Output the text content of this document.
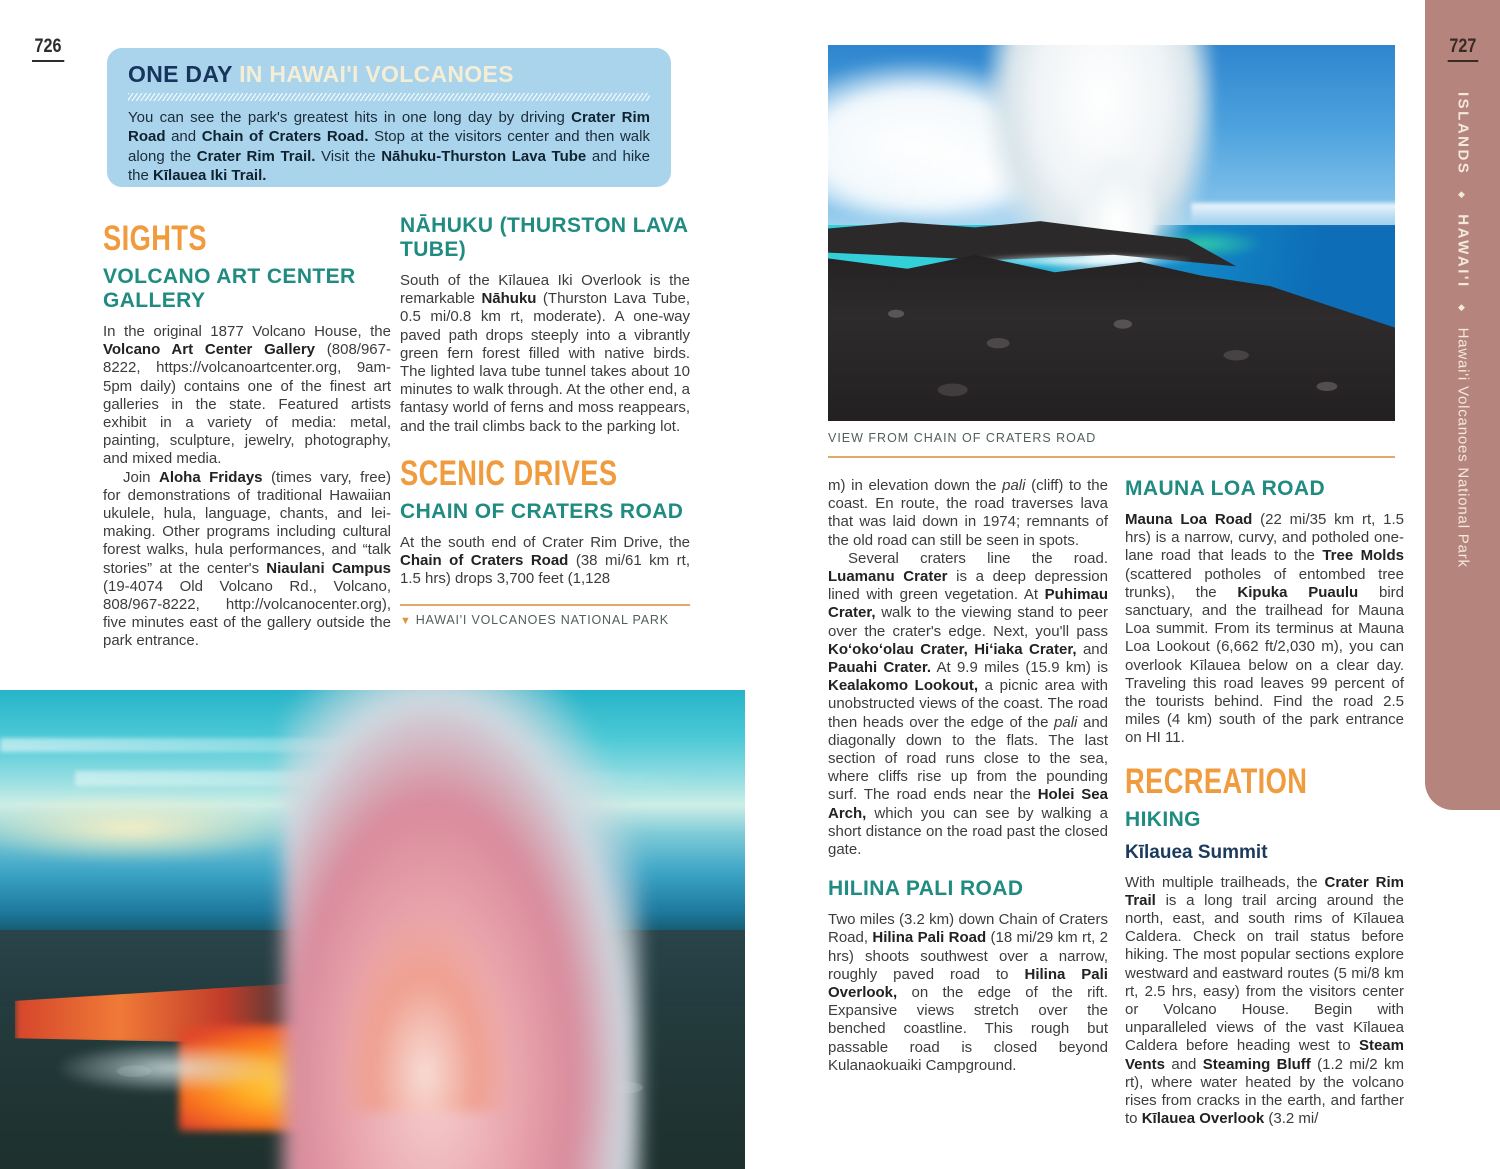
726
ONE DAY IN HAWAI'I VOLCANOES
You can see the park's greatest hits in one long day by driving Crater Rim Road and Chain of Craters Road. Stop at the visitors center and then walk along the Crater Rim Trail. Visit the Nāhuku-Thurston Lava Tube and hike the Kīlauea Iki Trail.
SIGHTS
VOLCANO ART CENTER GALLERY
In the original 1877 Volcano House, the Volcano Art Center Gallery (808/967-8222, https://volcanoartcenter.org, 9am-5pm daily) contains one of the finest art galleries in the state. Featured artists exhibit in a variety of media: metal, painting, sculpture, jewelry, photography, and mixed media.
Join Aloha Fridays (times vary, free) for demonstrations of traditional Hawaiian ukulele, hula, language, chants, and lei-making. Other programs including cultural forest walks, hula performances, and “talk stories” at the center's Niaulani Campus (19-4074 Old Volcano Rd., Volcano, 808/967-8222, http://volcanocenter.org), five minutes east of the gallery outside the park entrance.
NĀHUKU (THURSTON LAVA TUBE)
South of the Kīlauea Iki Overlook is the remarkable Nāhuku (Thurston Lava Tube, 0.5 mi/0.8 km rt, moderate). A one-way paved path drops steeply into a vibrantly green fern forest filled with native birds. The lighted lava tube tunnel takes about 10 minutes to walk through. At the other end, a fantasy world of ferns and moss reappears, and the trail climbs back to the parking lot.
SCENIC DRIVES
CHAIN OF CRATERS ROAD
At the south end of Crater Rim Drive, the Chain of Craters Road (38 mi/61 km rt, 1.5 hrs) drops 3,700 feet (1,128
▼ HAWAI'I VOLCANOES NATIONAL PARK
VIEW FROM CHAIN OF CRATERS ROAD
m) in elevation down the pali (cliff) to the coast. En route, the road traverses lava that was laid down in 1974; remnants of the old road can still be seen in spots.
Several craters line the road. Luamanu Crater is a deep depression lined with green vegetation. At Puhimau Crater, walk to the viewing stand to peer over the crater's edge. Next, you'll pass Koʻokoʻolau Crater, Hiʻiaka Crater, and Pauahi Crater. At 9.9 miles (15.9 km) is Kealakomo Lookout, a picnic area with unobstructed views of the coast. The road then heads over the edge of the pali and diagonally down to the flats. The last section of road runs close to the sea, where cliffs rise up from the pounding surf. The road ends near the Holei Sea Arch, which you can see by walking a short distance on the road past the closed gate.
HILINA PALI ROAD
Two miles (3.2 km) down Chain of Craters Road, Hilina Pali Road (18 mi/29 km rt, 2 hrs) shoots southwest over a narrow, roughly paved road to Hilina Pali Overlook, on the edge of the rift. Expansive views stretch over the benched coastline. This rough but passable road is closed beyond Kulanaokuaiki Campground.
MAUNA LOA ROAD
Mauna Loa Road (22 mi/35 km rt, 1.5 hrs) is a narrow, curvy, and potholed one-lane road that leads to the Tree Molds (scattered potholes of entombed tree trunks), the Kipuka Puaulu bird sanctuary, and the trailhead for Mauna Loa summit. From its terminus at Mauna Loa Lookout (6,662 ft/2,030 m), you can overlook Kīlauea below on a clear day. Traveling this road leaves 99 percent of the tourists behind. Find the road 2.5 miles (4 km) south of the park entrance on HI 11.
RECREATION
HIKING
Kīlauea Summit
With multiple trailheads, the Crater Rim Trail is a long trail arcing around the north, east, and south rims of Kīlauea Caldera. Check on trail status before hiking. The most popular sections explore westward and eastward routes (5 mi/8 km rt, 2.5 hrs, easy) from the visitors center or Volcano House. Begin with unparalleled views of the vast Kīlauea Caldera before heading west to Steam Vents and Steaming Bluff (1.2 mi/2 km rt), where water heated by the volcano rises from cracks in the earth, and farther to Kīlauea Overlook (3.2 mi/
727
ISLANDS ◆ HAWAI'I ◆ Hawai'i Volcanoes National Park
